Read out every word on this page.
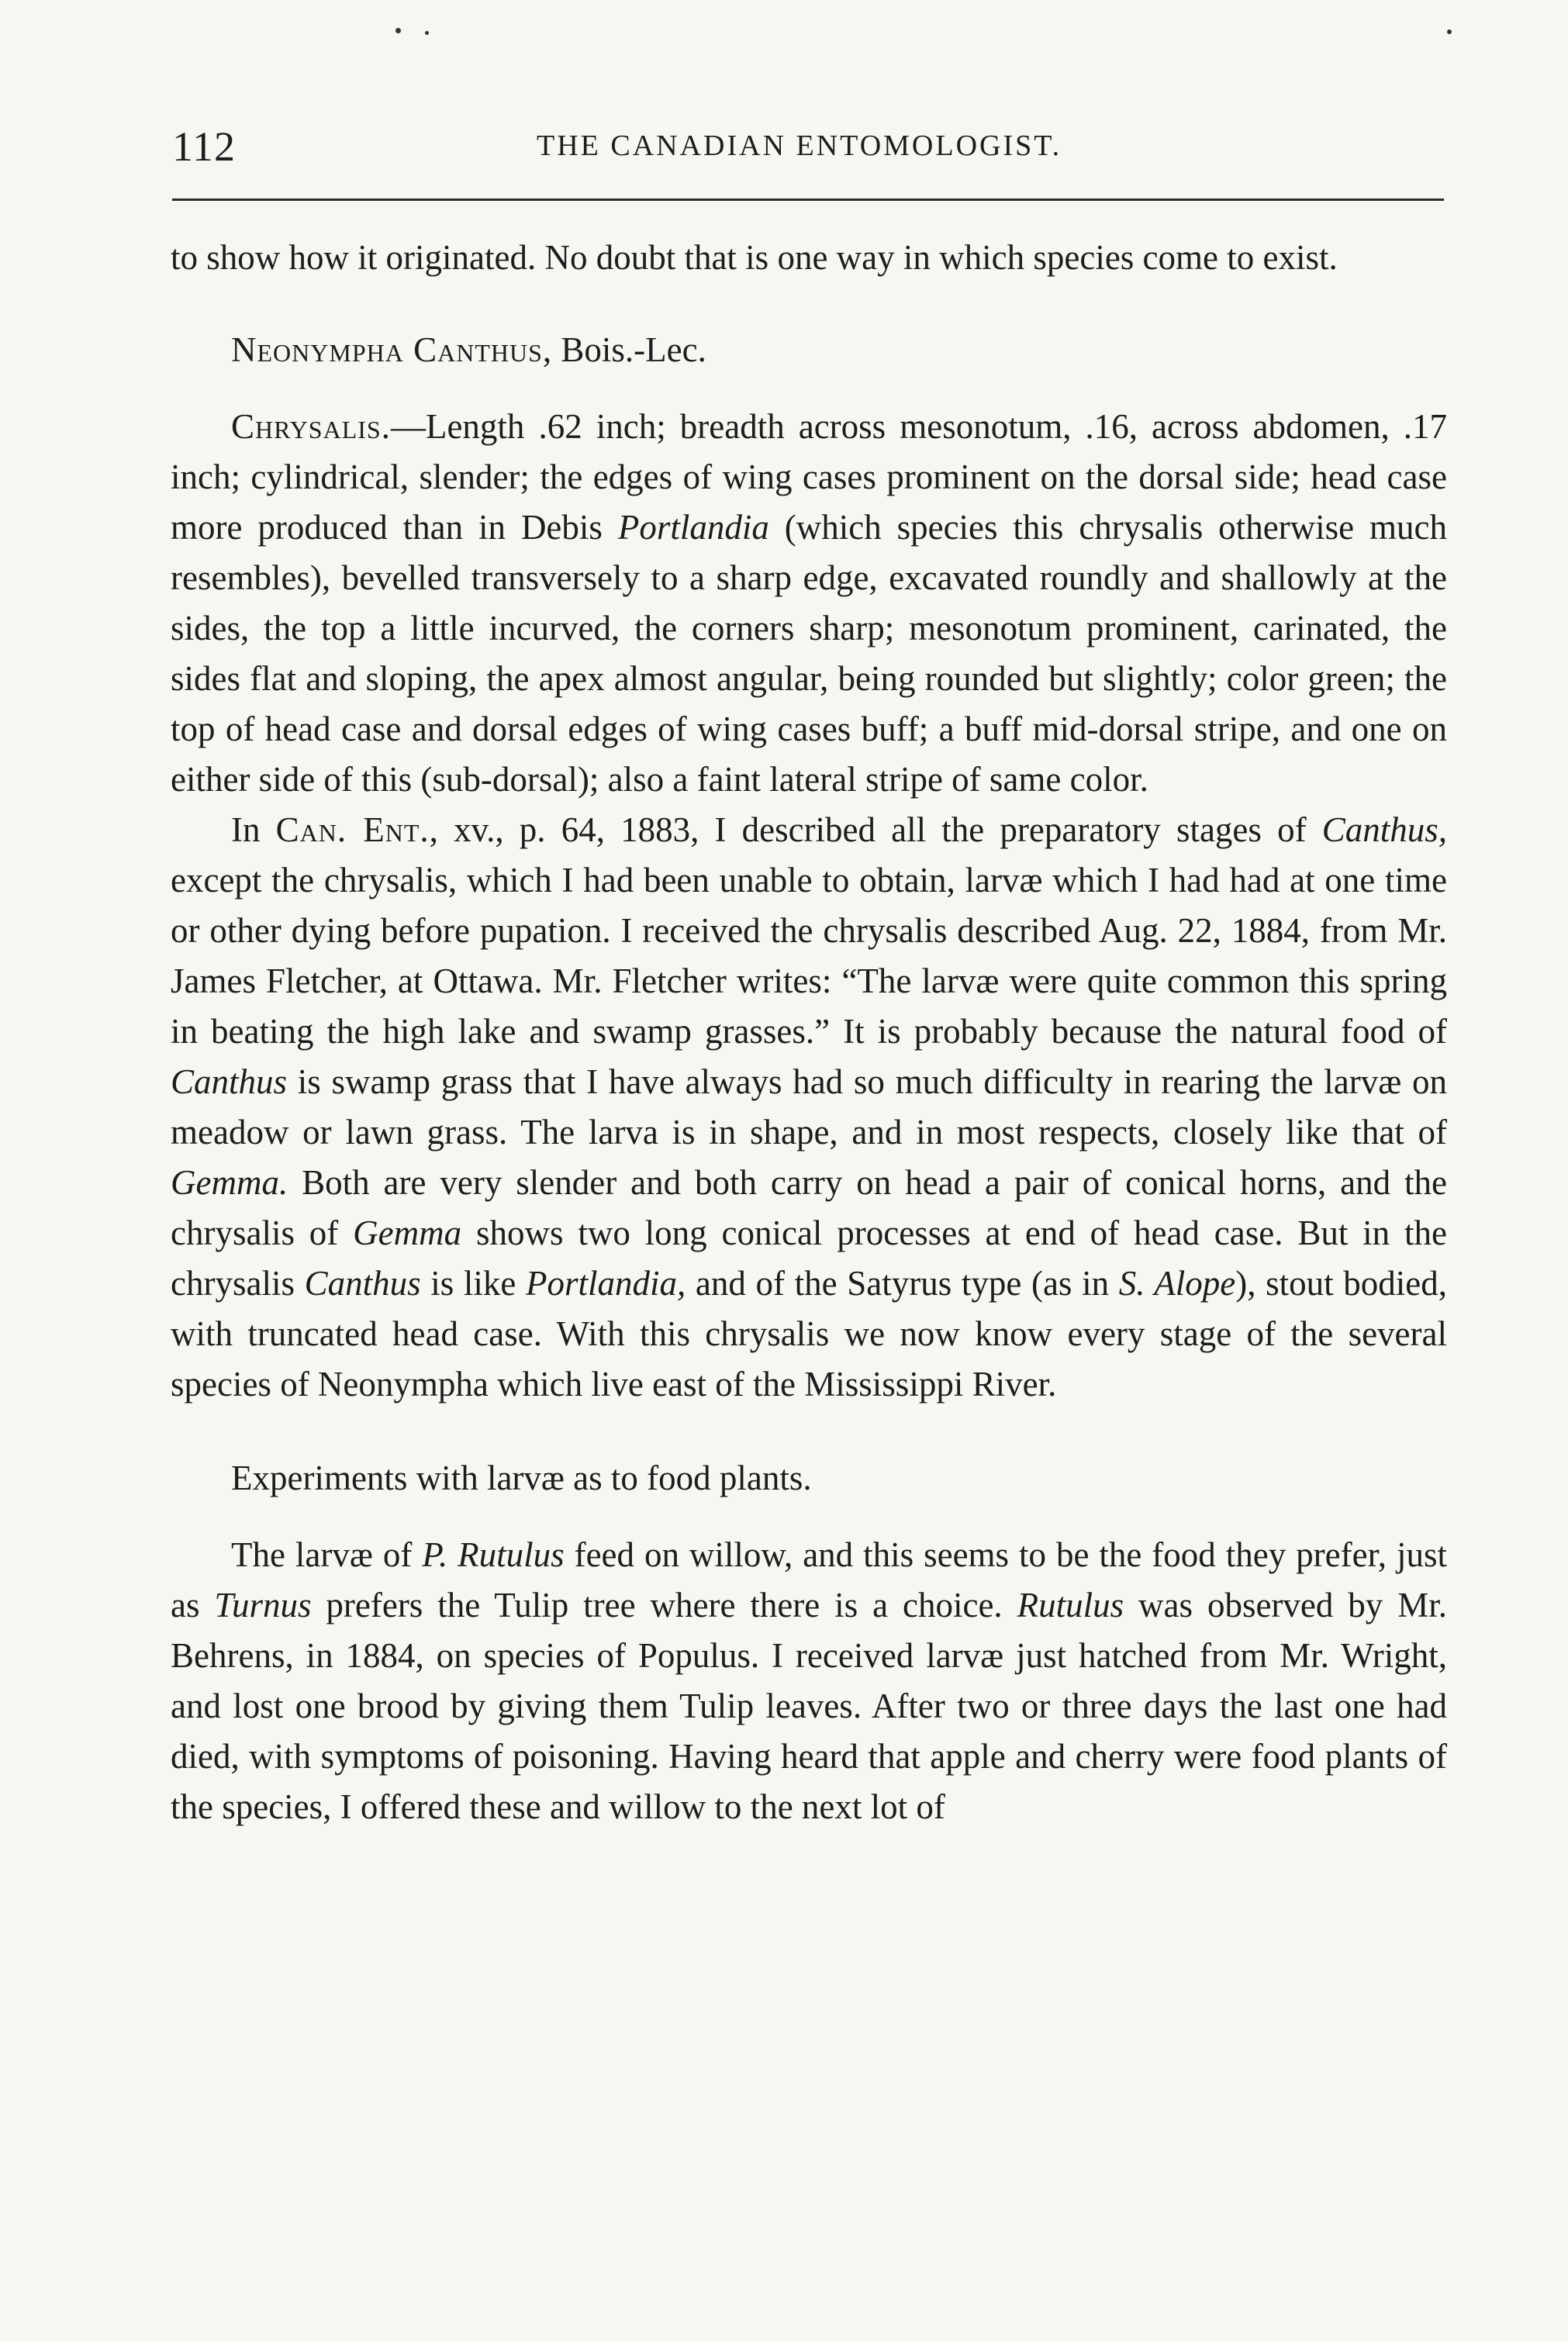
112	THE CANADIAN ENTOMOLOGIST.

to show how it originated. No doubt that is one way in which species come to exist.

Neonympha Canthus, Bois.-Lec.

Chrysalis.—Length .62 inch; breadth across mesonotum, .16, across abdomen, .17 inch; cylindrical, slender; the edges of wing cases prominent on the dorsal side; head case more produced than in Debis Portlandia (which species this chrysalis otherwise much resembles), bevelled transversely to a sharp edge, excavated roundly and shallowly at the sides, the top a little incurved, the corners sharp; mesonotum prominent, carinated, the sides flat and sloping, the apex almost angular, being rounded but slightly; color green; the top of head case and dorsal edges of wing cases buff; a buff mid-dorsal stripe, and one on either side of this (sub-dorsal); also a faint lateral stripe of same color.

In Can. Ent., xv., p. 64, 1883, I described all the preparatory stages of Canthus, except the chrysalis, which I had been unable to obtain, larvæ which I had had at one time or other dying before pupation. I received the chrysalis described Aug. 22, 1884, from Mr. James Fletcher, at Ottawa. Mr. Fletcher writes: “The larvæ were quite common this spring in beating the high lake and swamp grasses.” It is probably because the natural food of Canthus is swamp grass that I have always had so much difficulty in rearing the larvæ on meadow or lawn grass. The larva is in shape, and in most respects, closely like that of Gemma. Both are very slender and both carry on head a pair of conical horns, and the chrysalis of Gemma shows two long conical processes at end of head case. But in the chrysalis Canthus is like Portlandia, and of the Satyrus type (as in S. Alope), stout bodied, with truncated head case. With this chrysalis we now know every stage of the several species of Neonympha which live east of the Mississippi River.

Experiments with larvæ as to food plants.

The larvæ of P. Rutulus feed on willow, and this seems to be the food they prefer, just as Turnus prefers the Tulip tree where there is a choice. Rutulus was observed by Mr. Behrens, in 1884, on species of Populus. I received larvæ just hatched from Mr. Wright, and lost one brood by giving them Tulip leaves. After two or three days the last one had died, with symptoms of poisoning. Having heard that apple and cherry were food plants of the species, I offered these and willow to the next lot of
